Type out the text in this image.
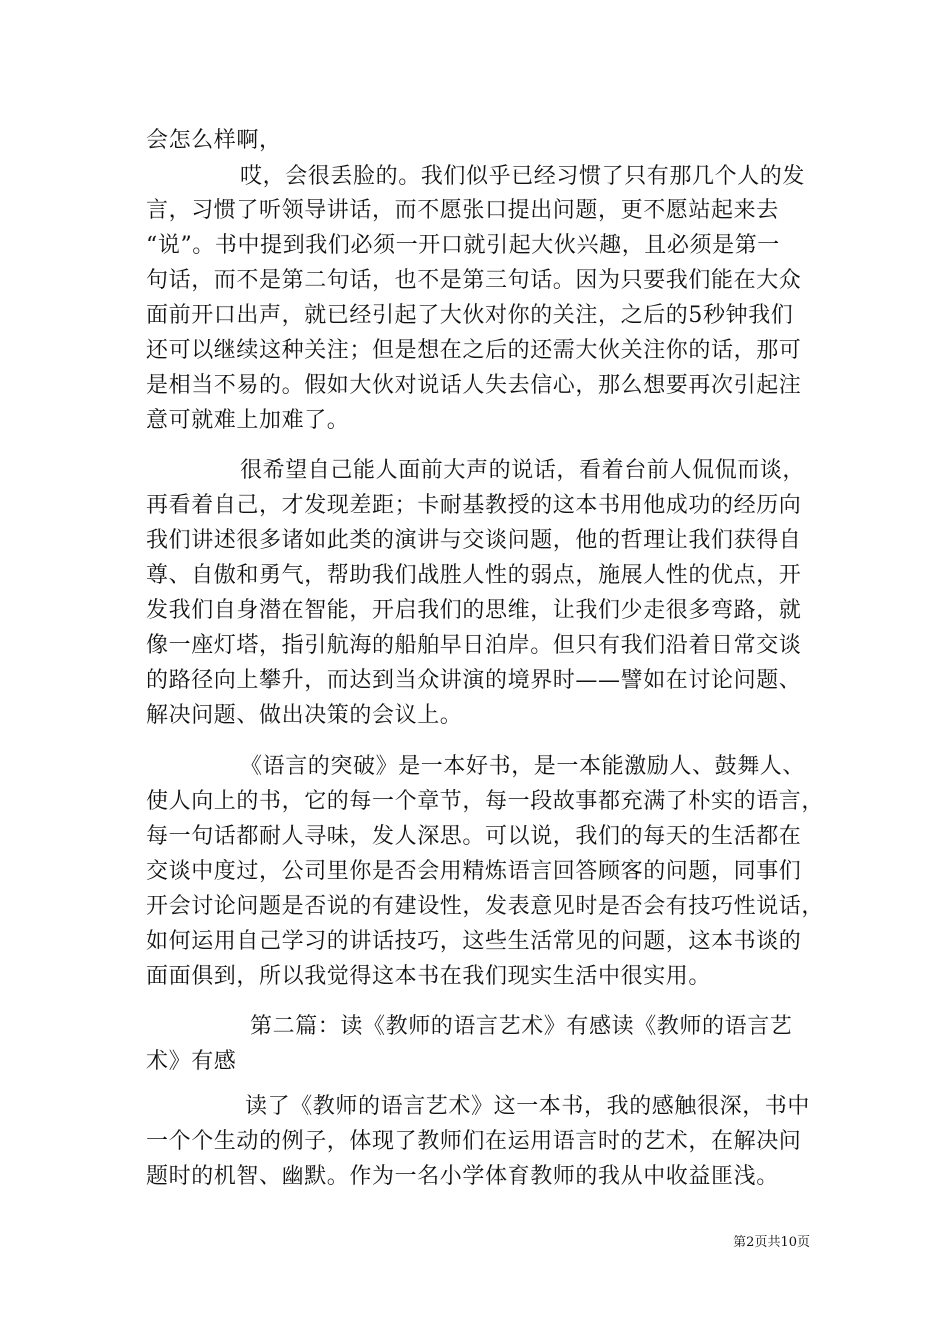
会怎么样啊，
哎，会很丢脸的。我们似乎已经习惯了只有那几个人的发
言，习惯了听领导讲话，而不愿张口提出问题，更不愿站起来去
“说”。书中提到我们必须一开口就引起大伙兴趣，且必须是第一
句话，而不是第二句话，也不是第三句话。因为只要我们能在大众
面前开口出声，就已经引起了大伙对你的关注，之后的5秒钟我们
还可以继续这种关注；但是想在之后的还需大伙关注你的话，那可
是相当不易的。假如大伙对说话人失去信心，那么想要再次引起注
意可就难上加难了。
很希望自己能人面前大声的说话，看着台前人侃侃而谈，
再看着自己，才发现差距；卡耐基教授的这本书用他成功的经历向
我们讲述很多诸如此类的演讲与交谈问题，他的哲理让我们获得自
尊、自傲和勇气，帮助我们战胜人性的弱点，施展人性的优点，开
发我们自身潜在智能，开启我们的思维，让我们少走很多弯路，就
像一座灯塔，指引航海的船舶早日泊岸。但只有我们沿着日常交谈
的路径向上攀升，而达到当众讲演的境界时——譬如在讨论问题、
解决问题、做出决策的会议上。
《语言的突破》是一本好书，是一本能激励人、鼓舞人、
使人向上的书，它的每一个章节，每一段故事都充满了朴实的语言，
每一句话都耐人寻味，发人深思。可以说，我们的每天的生活都在
交谈中度过，公司里你是否会用精炼语言回答顾客的问题，同事们
开会讨论问题是否说的有建设性，发表意见时是否会有技巧性说话，
如何运用自己学习的讲话技巧，这些生活常见的问题，这本书谈的
面面俱到，所以我觉得这本书在我们现实生活中很实用。
第二篇：读《教师的语言艺术》有感读《教师的语言艺
术》有感
读了《教师的语言艺术》这一本书，我的感触很深，书中
一个个生动的例子，体现了教师们在运用语言时的艺术，在解决问
题时的机智、幽默。作为一名小学体育教师的我从中收益匪浅。
第2页共10页
